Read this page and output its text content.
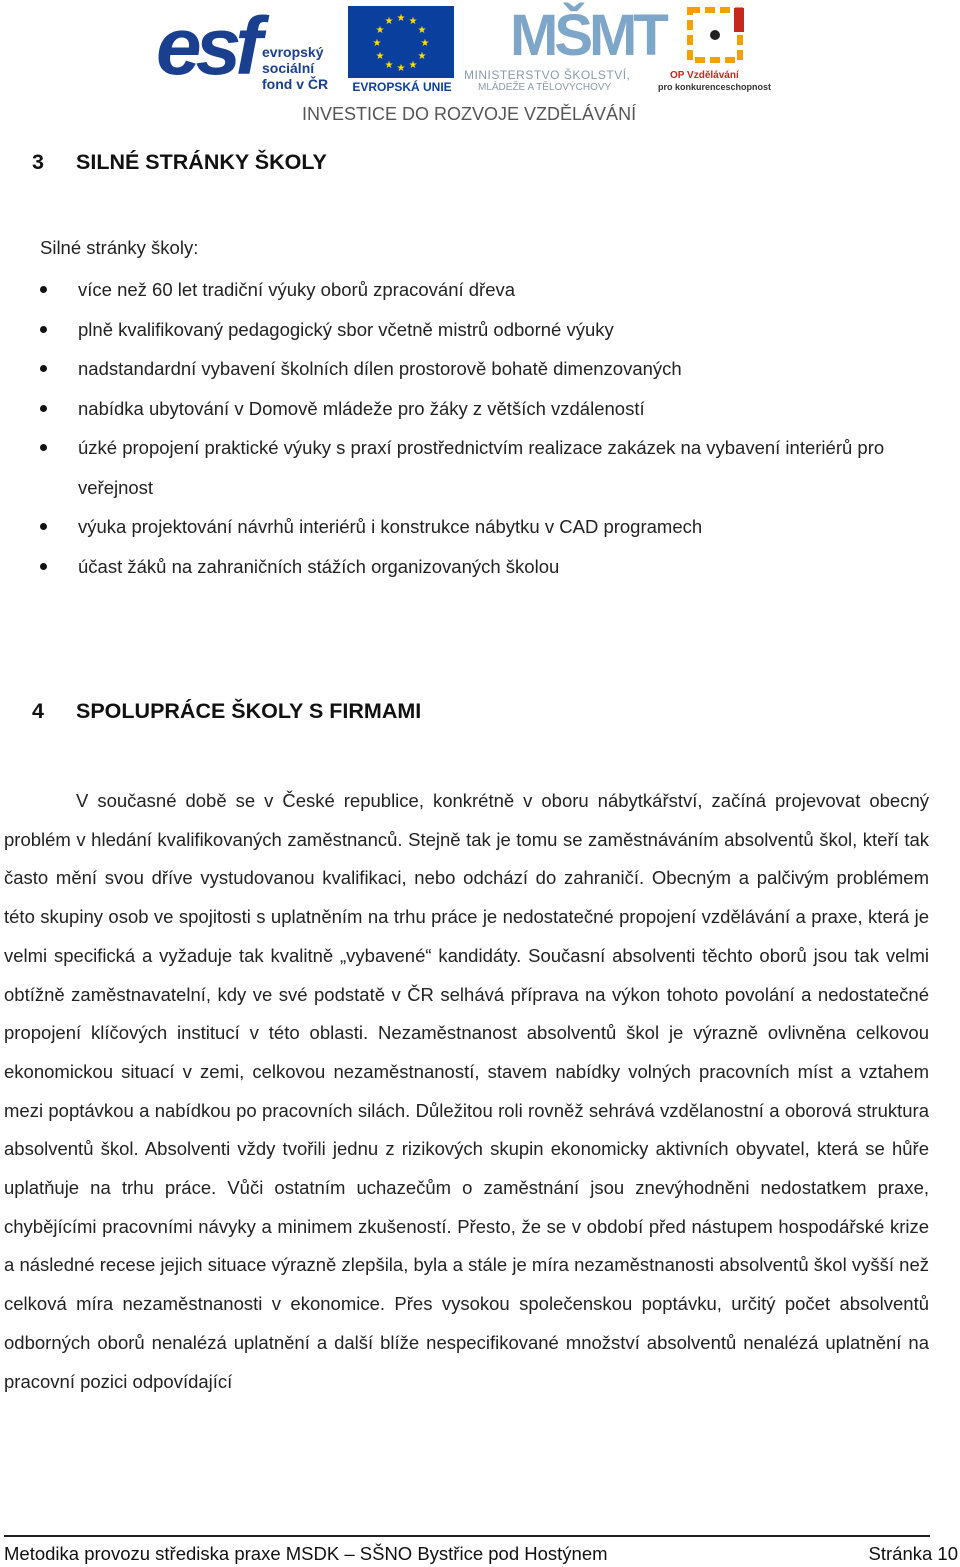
esf evropský
sociální
fond v ČR
★ ★
★
★
★
★
★
★
★
★
★
★
EVROPSKÁ UNIE
MŠMT
MINISTERSTVO ŠKOLSTVÍ,
MLÁDEŽE A TĚLOVÝCHOVY
OP Vzdělávání
pro konkurenceschopnost
INVESTICE DO ROZVOJE VZDĚLÁVÁNÍ
3 SILNÉ STRÁNKY ŠKOLY
Silné stránky školy:
více než 60 let tradiční výuky oborů zpracování dřeva
plně kvalifikovaný pedagogický sbor včetně mistrů odborné výuky
nadstandardní vybavení školních dílen prostorově bohatě dimenzovaných
nabídka ubytování v Domově mládeže pro žáky z větších vzdáleností
úzké propojení praktické výuky s praxí prostřednictvím realizace zakázek na vybavení interiérů pro veřejnost
výuka projektování návrhů interiérů i konstrukce nábytku v CAD programech
účast žáků na zahraničních stážích organizovaných školou
4 SPOLUPRÁCE ŠKOLY S FIRMAMI
V současné době se v České republice, konkrétně v oboru nábytkářství, začíná projevovat obecný problém v hledání kvalifikovaných zaměstnanců. Stejně tak je tomu se zaměstnáváním absolventů škol, kteří tak často mění svou dříve vystudovanou kvalifikaci, nebo odchází do zahraničí. Obecným a palčivým problémem této skupiny osob ve spojitosti s uplatněním na trhu práce je nedostatečné propojení vzdělávání a praxe, která je velmi specifická a vyžaduje tak kvalitně „vybavené“ kandidáty. Současní absolventi těchto oborů jsou tak velmi obtížně zaměstnavatelní, kdy ve své podstatě v ČR selhává příprava na výkon tohoto povolání a nedostatečné propojení klíčových institucí v této oblasti. Nezaměstnanost absolventů škol je výrazně ovlivněna celkovou ekonomickou situací v zemi, celkovou nezaměstnaností, stavem nabídky volných pracovních míst a vztahem mezi poptávkou a nabídkou po pracovních silách. Důležitou roli rovněž sehrává vzdělanostní a oborová struktura absolventů škol. Absolventi vždy tvořili jednu z rizikových skupin ekonomicky aktivních obyvatel, která se hůře uplatňuje na trhu práce. Vůči ostatním uchazečům o zaměstnání jsou znevýhodněni nedostatkem praxe, chybějícími pracovními návyky a minimem zkušeností. Přesto, že se v období před nástupem hospodářské krize a následné recese jejich situace výrazně zlepšila, byla a stále je míra nezaměstnanosti absolventů škol vyšší než celková míra nezaměstnanosti v ekonomice. Přes vysokou společenskou poptávku, určitý počet absolventů odborných oborů nenalézá uplatnění a další blíže nespecifikované množství absolventů nenalézá uplatnění na pracovní pozici odpovídající
Metodika provozu střediska praxe MSDK – SŠNO Bystřice pod Hostýnem	Stránka 10
